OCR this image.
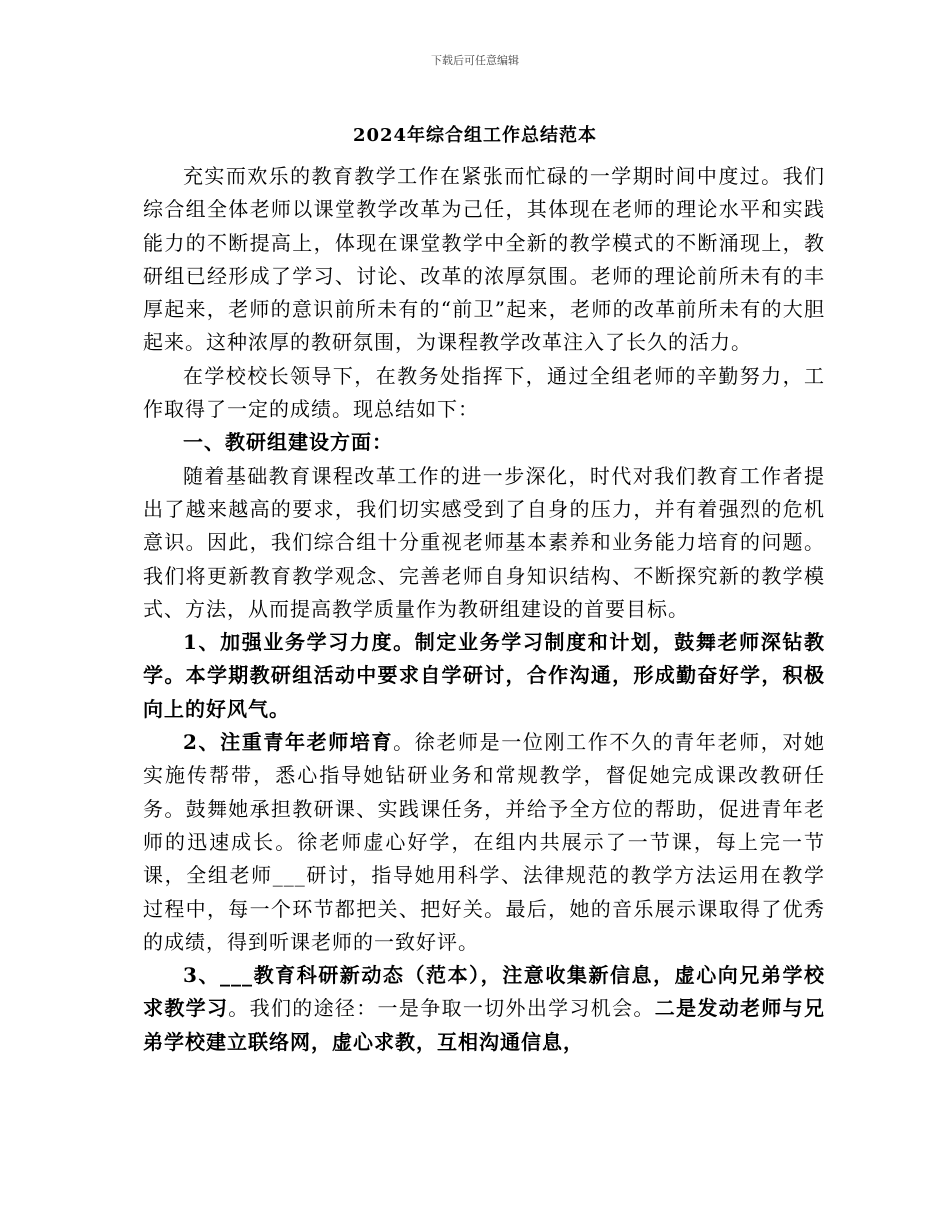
下载后可任意编辑
2024年综合组工作总结范本

充实而欢乐的教育教学工作在紧张而忙碌的一学期时间中度过。我们综合组全体老师以课堂教学改革为己任，其体现在老师的理论水平和实践能力的不断提高上，体现在课堂教学中全新的教学模式的不断涌现上，教研组已经形成了学习、讨论、改革的浓厚氛围。老师的理论前所未有的丰厚起来，老师的意识前所未有的“前卫”起来，老师的改革前所未有的大胆起来。这种浓厚的教研氛围，为课程教学改革注入了长久的活力。

在学校校长领导下，在教务处指挥下，通过全组老师的辛勤努力，工作取得了一定的成绩。现总结如下：

一、教研组建设方面：

随着基础教育课程改革工作的进一步深化，时代对我们教育工作者提出了越来越高的要求，我们切实感受到了自身的压力，并有着强烈的危机意识。因此，我们综合组十分重视老师基本素养和业务能力培育的问题。我们将更新教育教学观念、完善老师自身知识结构、不断探究新的教学模式、方法，从而提高教学质量作为教研组建设的首要目标。

1、加强业务学习力度。制定业务学习制度和计划，鼓舞老师深钻教学。本学期教研组活动中要求自学研讨，合作沟通，形成勤奋好学，积极向上的好风气。

2、注重青年老师培育。徐老师是一位刚工作不久的青年老师，对她实施传帮带，悉心指导她钻研业务和常规教学，督促她完成课改教研任务。鼓舞她承担教研课、实践课任务，并给予全方位的帮助，促进青年老师的迅速成长。徐老师虚心好学，在组内共展示了一节课，每上完一节课，全组老师___研讨，指导她用科学、法律规范的教学方法运用在教学过程中，每一个环节都把关、把好关。最后，她的音乐展示课取得了优秀的成绩，得到听课老师的一致好评。

3、___教育科研新动态（范本），注意收集新信息，虚心向兄弟学校求教学习。我们的途径：一是争取一切外出学习机会。二是发动老师与兄弟学校建立联络网，虚心求教，互相沟通信息，
